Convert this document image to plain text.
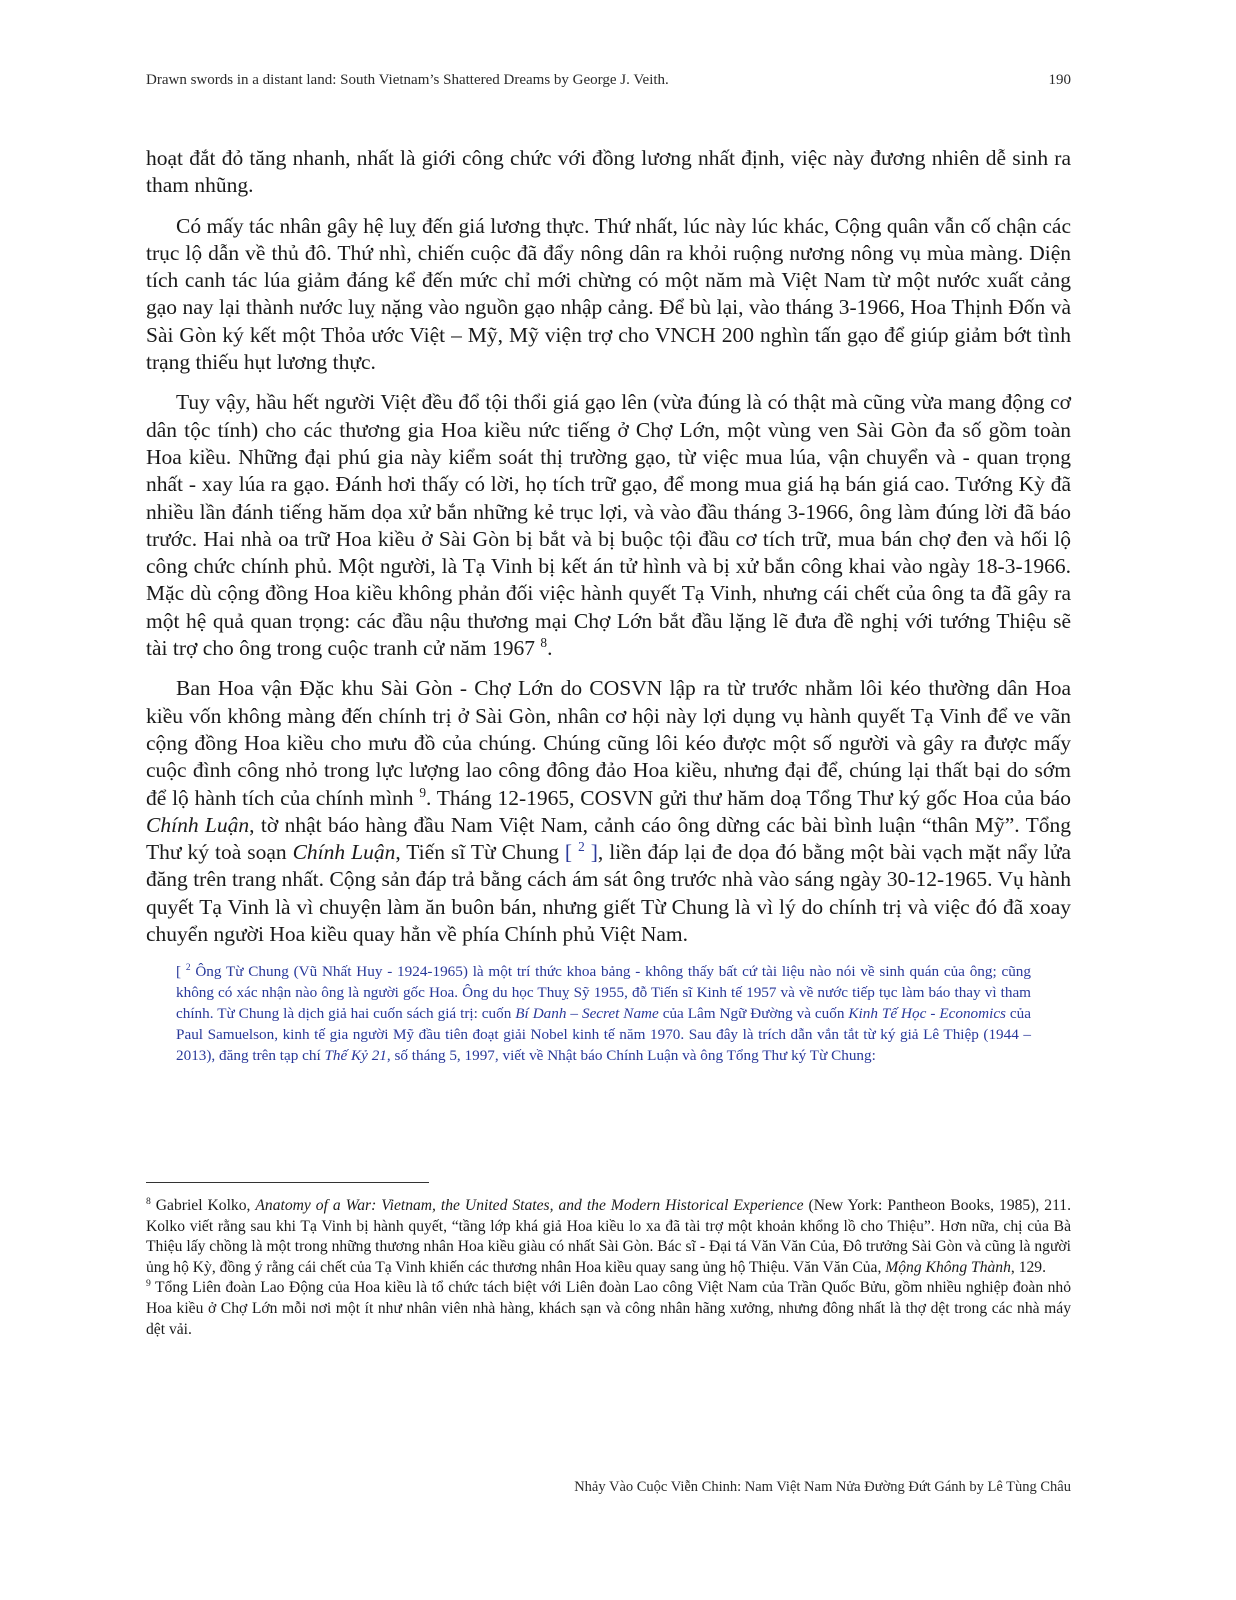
Drawn swords in a distant land: South Vietnam’s Shattered Dreams by George J. Veith.	190

hoạt đắt đỏ tăng nhanh, nhất là giới công chức với đồng lương nhất định, việc này đương nhiên dễ sinh ra tham nhũng.

Có mấy tác nhân gây hệ luỵ đến giá lương thực. Thứ nhất, lúc này lúc khác, Cộng quân vẫn cố chận các trục lộ dẫn về thủ đô. Thứ nhì, chiến cuộc đã đẩy nông dân ra khỏi ruộng nương nông vụ mùa màng. Diện tích canh tác lúa giảm đáng kể đến mức chỉ mới chừng có một năm mà Việt Nam từ một nước xuất cảng gạo nay lại thành nước luỵ nặng vào nguồn gạo nhập cảng. Để bù lại, vào tháng 3-1966, Hoa Thịnh Đốn và Sài Gòn ký kết một Thỏa ước Việt – Mỹ, Mỹ viện trợ cho VNCH 200 nghìn tấn gạo để giúp giảm bớt tình trạng thiếu hụt lương thực.

Tuy vậy, hầu hết người Việt đều đổ tội thổi giá gạo lên (vừa đúng là có thật mà cũng vừa mang động cơ dân tộc tính) cho các thương gia Hoa kiều nức tiếng ở Chợ Lớn, một vùng ven Sài Gòn đa số gồm toàn Hoa kiều. Những đại phú gia này kiểm soát thị trường gạo, từ việc mua lúa, vận chuyển và - quan trọng nhất - xay lúa ra gạo. Đánh hơi thấy có lời, họ tích trữ gạo, để mong mua giá hạ bán giá cao. Tướng Kỳ đã nhiều lần đánh tiếng hăm dọa xử bắn những kẻ trục lợi, và vào đầu tháng 3-1966, ông làm đúng lời đã báo trước. Hai nhà oa trữ Hoa kiều ở Sài Gòn bị bắt và bị buộc tội đầu cơ tích trữ, mua bán chợ đen và hối lộ công chức chính phủ. Một người, là Tạ Vinh bị kết án tử hình và bị xử bắn công khai vào ngày 18-3-1966. Mặc dù cộng đồng Hoa kiều không phản đối việc hành quyết Tạ Vinh, nhưng cái chết của ông ta đã gây ra một hệ quả quan trọng: các đầu nậu thương mại Chợ Lớn bắt đầu lặng lẽ đưa đề nghị với tướng Thiệu sẽ tài trợ cho ông trong cuộc tranh cử năm 1967 $^8$.

Ban Hoa vận Đặc khu Sài Gòn - Chợ Lớn do COSVN lập ra từ trước nhằm lôi kéo thường dân Hoa kiều vốn không màng đến chính trị ở Sài Gòn, nhân cơ hội này lợi dụng vụ hành quyết Tạ Vinh để ve vãn cộng đồng Hoa kiều cho mưu đồ của chúng. Chúng cũng lôi kéo được một số người và gây ra được mấy cuộc đình công nhỏ trong lực lượng lao công đông đảo Hoa kiều, nhưng đại để, chúng lại thất bại do sớm để lộ hành tích của chính mình $^9$. Tháng 12-1965, COSVN gửi thư hăm doạ Tổng Thư ký gốc Hoa của báo Chính Luận, tờ nhật báo hàng đầu Nam Việt Nam, cảnh cáo ông dừng các bài bình luận “thân Mỹ”. Tổng Thư ký toà soạn Chính Luận, Tiến sĩ Từ Chung [ $^2$ ], liền đáp lại đe dọa đó bằng một bài vạch mặt nẩy lửa đăng trên trang nhất. Cộng sản đáp trả bằng cách ám sát ông trước nhà vào sáng ngày 30-12-1965. Vụ hành quyết Tạ Vinh là vì chuyện làm ăn buôn bán, nhưng giết Từ Chung là vì lý do chính trị và việc đó đã xoay chuyển người Hoa kiều quay hẳn về phía Chính phủ Việt Nam.

[ $^2$ Ông Từ Chung (Vũ Nhất Huy - 1924-1965) là một trí thức khoa bảng - không thấy bất cứ tài liệu nào nói về sinh quán của ông; cũng không có xác nhận nào ông là người gốc Hoa. Ông du học Thuỵ Sỹ 1955, đỗ Tiến sĩ Kinh tế 1957 và về nước tiếp tục làm báo thay vì tham chính. Từ Chung là dịch giả hai cuốn sách giá trị: cuốn Bí Danh – Secret Name của Lâm Ngữ Đường và cuốn Kinh Tế Học - Economics của Paul Samuelson, kinh tế gia người Mỹ đầu tiên đoạt giải Nobel kinh tế năm 1970. Sau đây là trích dẫn vắn tắt từ ký giả Lê Thiệp (1944 – 2013), đăng trên tạp chí Thế Kỷ 21, số tháng 5, 1997, viết về Nhật báo Chính Luận và ông Tổng Thư ký Từ Chung:

$^8$ Gabriel Kolko, Anatomy of a War: Vietnam, the United States, and the Modern Historical Experience (New York: Pantheon Books, 1985), 211. Kolko viết rằng sau khi Tạ Vinh bị hành quyết, “tầng lớp khá giả Hoa kiều lo xa đã tài trợ một khoản khổng lồ cho Thiệu”. Hơn nữa, chị của Bà Thiệu lấy chồng là một trong những thương nhân Hoa kiều giàu có nhất Sài Gòn. Bác sĩ - Đại tá Văn Văn Của, Đô trưởng Sài Gòn và cũng là người ủng hộ Kỳ, đồng ý rằng cái chết của Tạ Vinh khiến các thương nhân Hoa kiều quay sang ủng hộ Thiệu. Văn Văn Của, Mộng Không Thành, 129.

$^9$ Tổng Liên đoàn Lao Động của Hoa kiều là tổ chức tách biệt với Liên đoàn Lao công Việt Nam của Trần Quốc Bửu, gồm nhiều nghiệp đoàn nhỏ Hoa kiều ở Chợ Lớn mỗi nơi một ít như nhân viên nhà hàng, khách sạn và công nhân hãng xưởng, nhưng đông nhất là thợ dệt trong các nhà máy dệt vải.

Nhảy Vào Cuộc Viễn Chinh: Nam Việt Nam Nửa Đường Đứt Gánh by Lê Tùng Châu
